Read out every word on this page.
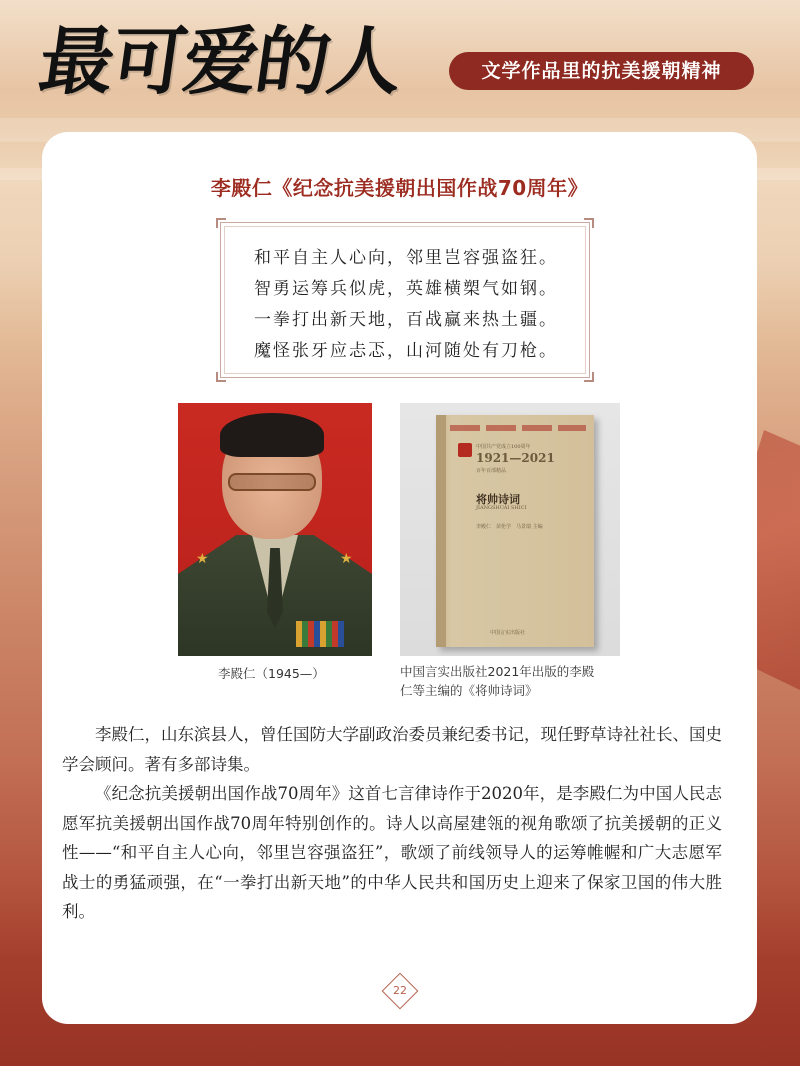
最可爱的人	文学作品里的抗美援朝精神
李殿仁《纪念抗美援朝出国作战70周年》
和平自主人心向，邻里岂容强盗狂。
智勇运筹兵似虎，英雄横槊气如钢。
一拳打出新天地，百战赢来热土疆。
魔怪张牙应忐忑，山河随处有刀枪。
★	★
中国共产党成立100周年
1921—2021
百年百部精品
将帅诗词
JIANGSHUAI SHICI
李殿仁　苗伦学　马景瑞 主编
中国言实出版社
李殿仁（1945—）	中国言实出版社2021年出版的李殿
仁等主编的《将帅诗词》

李殿仁，山东滨县人，曾任国防大学副政治委员兼纪委书记，现任野草诗社社长、国史学会顾问。著有多部诗集。

《纪念抗美援朝出国作战70周年》这首七言律诗作于2020年，是李殿仁为中国人民志愿军抗美援朝出国作战70周年特别创作的。诗人以高屋建瓴的视角歌颂了抗美援朝的正义性——“和平自主人心向，邻里岂容强盗狂”，歌颂了前线领导人的运筹帷幄和广大志愿军战士的勇猛顽强，在“一拳打出新天地”的中华人民共和国历史上迎来了保家卫国的伟大胜利。

22
